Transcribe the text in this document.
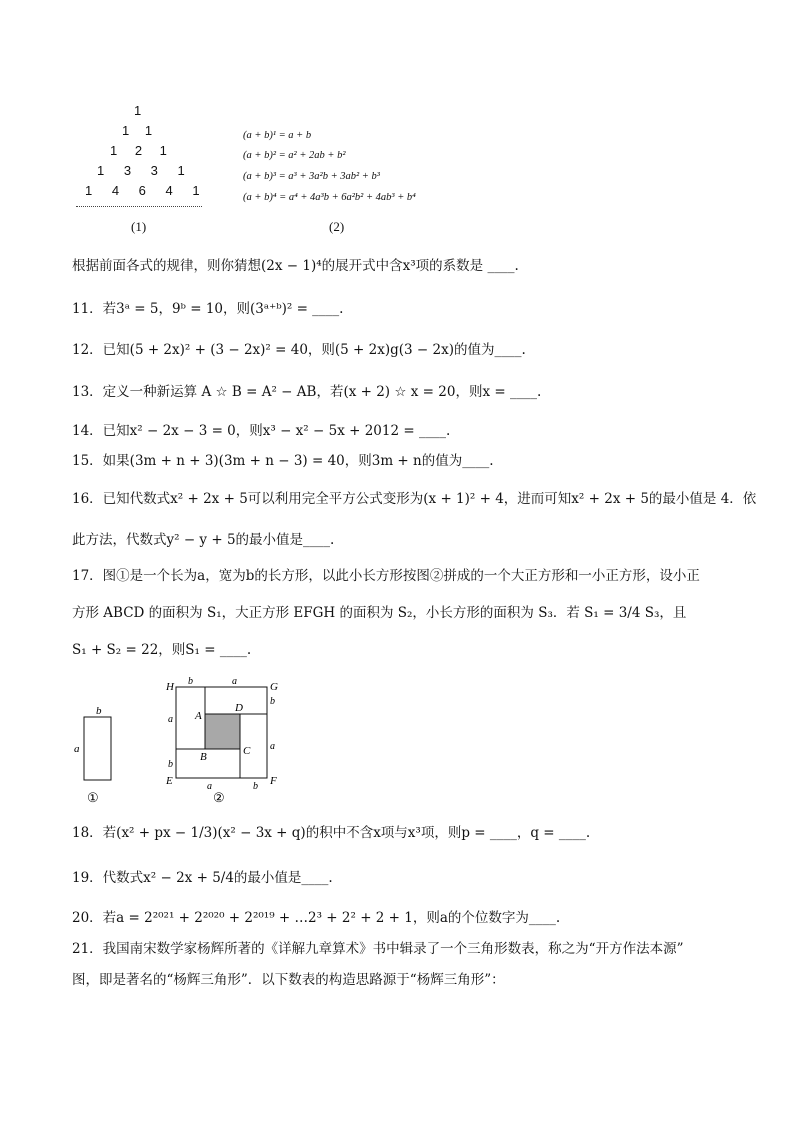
1
1 1
1 2 1
1 3 3 1
1 4 6 4 1
(1)
(a + b)¹ = a + b
(a + b)² = a² + 2ab + b²
(a + b)³ = a³ + 3a²b + 3ab² + b³
(a + b)⁴ = a⁴ + 4a³b + 6a²b² + 4ab³ + b⁴
(2)
根据前面各式的规律，则你猜想(2x − 1)⁴的展开式中含x³项的系数是 ____.
11．若3ᵃ = 5，9ᵇ = 10，则(3ᵃ⁺ᵇ)² = ____.
12．已知(5 + 2x)² + (3 − 2x)² = 40，则(5 + 2x)g(3 − 2x)的值为____.
13．定义一种新运算 A ☆ B = A² − AB，若(x + 2) ☆ x = 20，则x = ____.
14．已知x² − 2x − 3 = 0，则x³ − x² − 5x + 2012 = ____.
15．如果(3m + n + 3)(3m + n − 3) = 40，则3m + n的值为____.
16．已知代数式x² + 2x + 5可以利用完全平方公式变形为(x + 1)² + 4，进而可知x² + 2x + 5的最小值是 4．依
此方法，代数式y² − y + 5的最小值是____.
17．图①是一个长为a，宽为b的长方形，以此小长方形按图②拼成的一个大正方形和一小正方形，设小正
方形 ABCD 的面积为 S₁，大正方形 EFGH 的面积为 S₂，小长方形的面积为 S₃．若 S₁ = 3/4 S₃，且
S₁ + S₂ = 22，则S₁ = ____.
b
a
①
H	G
E	F
A
D
B	C
b	a
b
a
a
b
a	b
②
18．若(x² + px − 1/3)(x² − 3x + q)的积中不含x项与x³项，则p = ____，q = ____.
19．代数式x² − 2x + 5/4的最小值是____.
20．若a = 2²⁰²¹ + 2²⁰²⁰ + 2²⁰¹⁹ + …2³ + 2² + 2 + 1，则a的个位数字为____.
21．我国南宋数学家杨辉所著的《详解九章算术》书中辑录了一个三角形数表，称之为“开方作法本源”
图，即是著名的“杨辉三角形”．以下数表的构造思路源于“杨辉三角形”：
